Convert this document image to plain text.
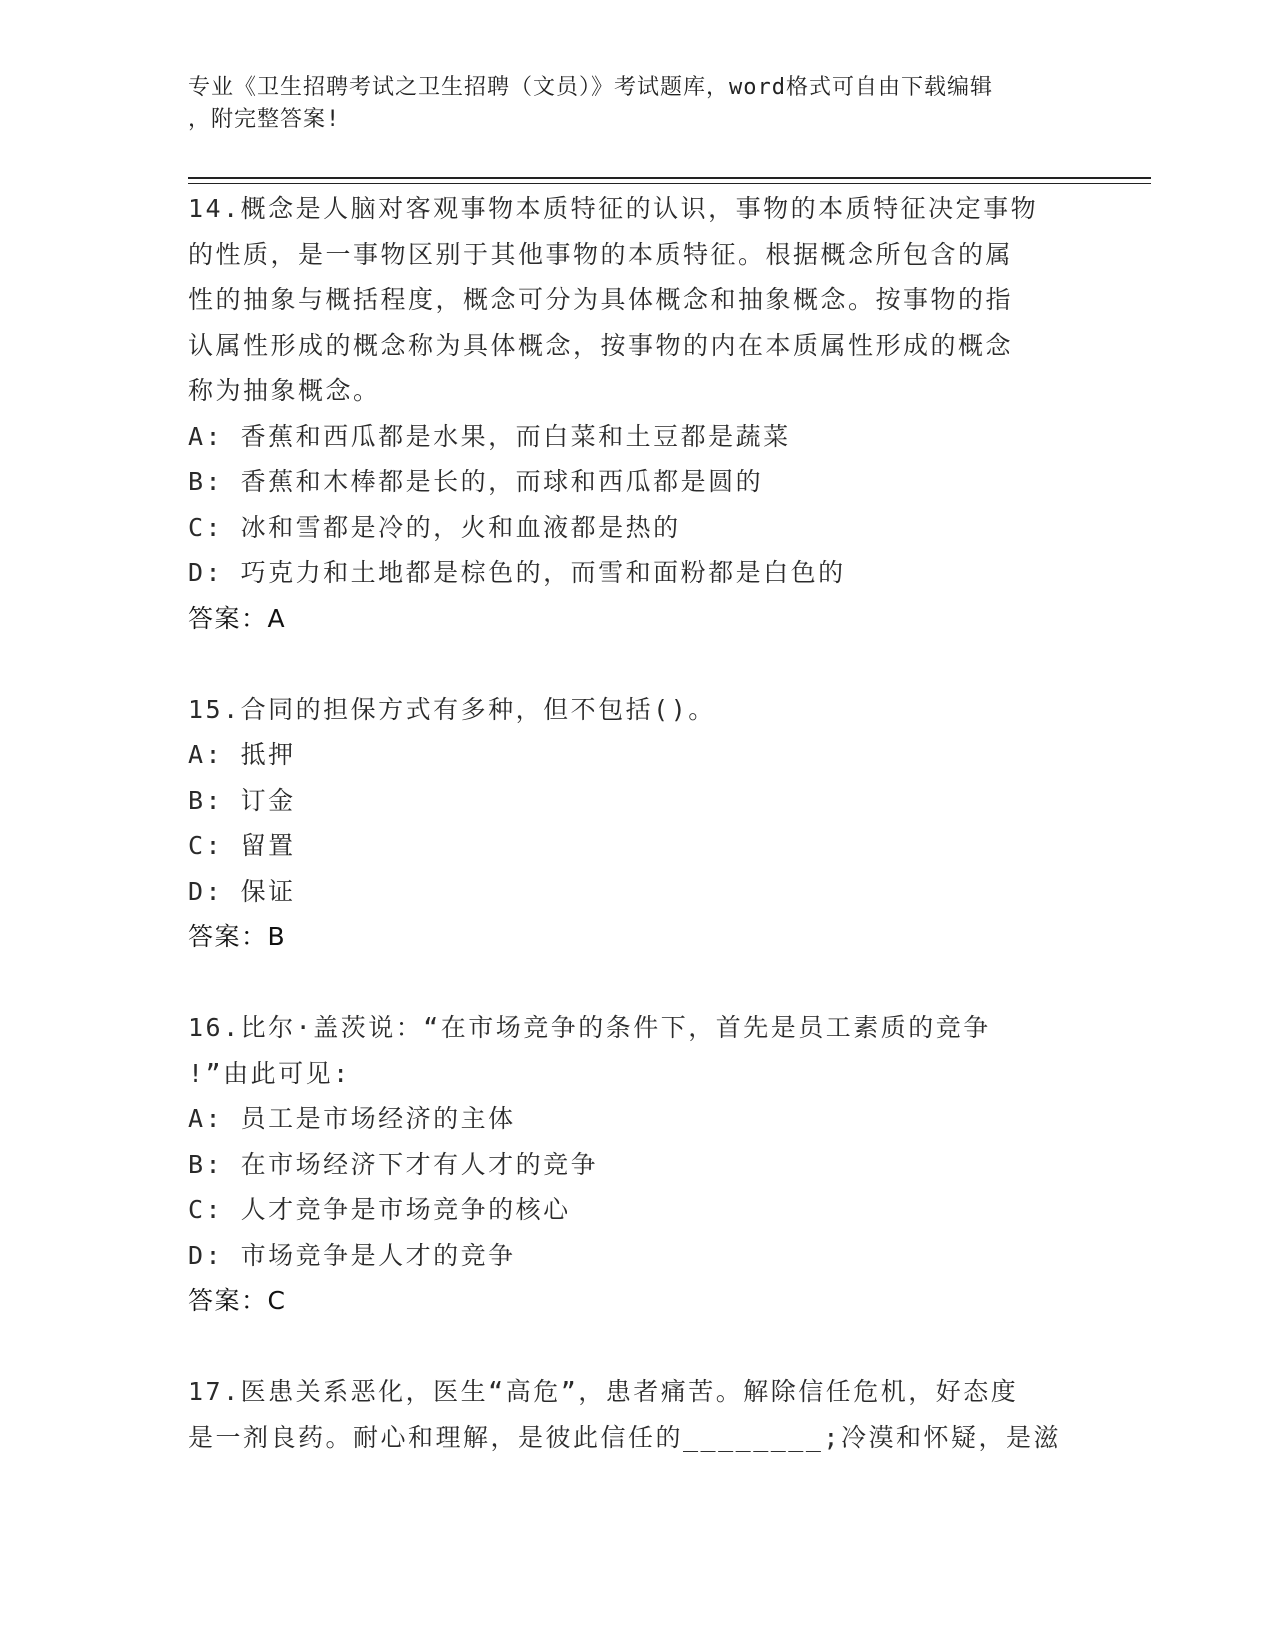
专业《卫生招聘考试之卫生招聘（文员）》考试题库，word格式可自由下载编辑
，附完整答案!
14.概念是人脑对客观事物本质特征的认识，事物的本质特征决定事物
的性质，是一事物区别于其他事物的本质特征。根据概念所包含的属
性的抽象与概括程度，概念可分为具体概念和抽象概念。按事物的指
认属性形成的概念称为具体概念，按事物的内在本质属性形成的概念
称为抽象概念。
A: 香蕉和西瓜都是水果，而白菜和土豆都是蔬菜
B: 香蕉和木棒都是长的，而球和西瓜都是圆的
C: 冰和雪都是冷的，火和血液都是热的
D: 巧克力和土地都是棕色的，而雪和面粉都是白色的
答案：A
15.合同的担保方式有多种，但不包括()。
A: 抵押
B: 订金
C: 留置
D: 保证
答案：B
16.比尔·盖茨说：“在市场竞争的条件下，首先是员工素质的竞争
!”由此可见:
A: 员工是市场经济的主体
B: 在市场经济下才有人才的竞争
C: 人才竞争是市场竞争的核心
D: 市场竞争是人才的竞争
答案：C
17.医患关系恶化，医生“高危”，患者痛苦。解除信任危机，好态度
是一剂良药。耐心和理解，是彼此信任的________;冷漠和怀疑，是滋
